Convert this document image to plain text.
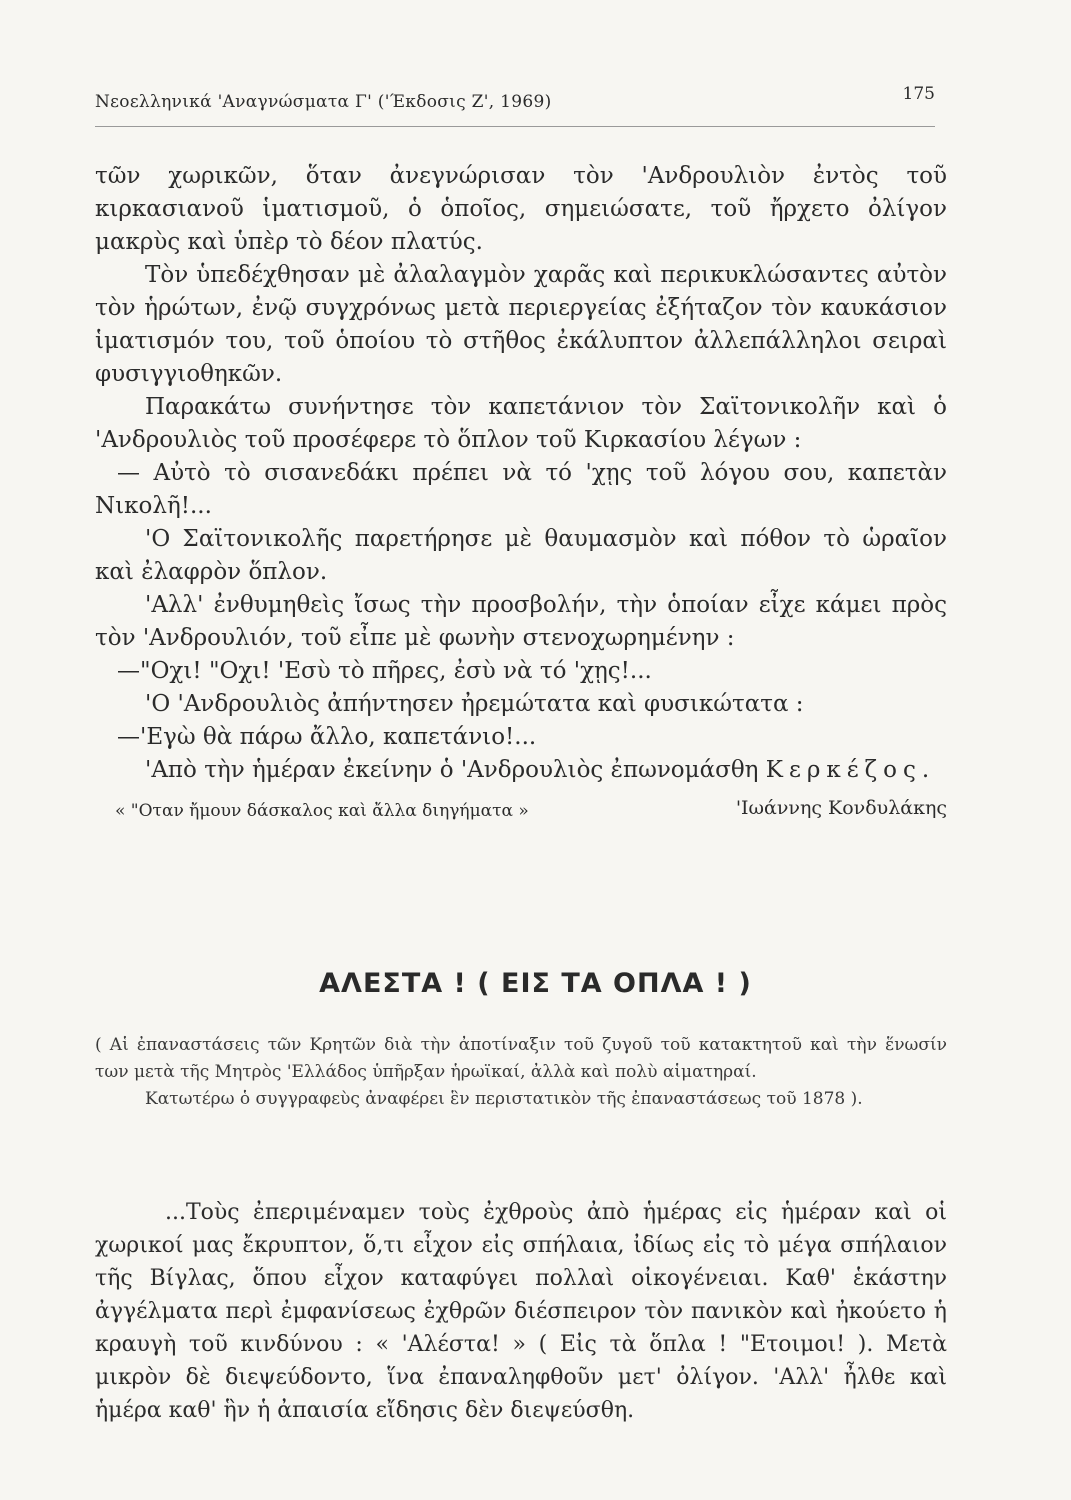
Νεοελληνικά 'Αναγνώσματα Γ' ('Έκδοσις Ζ', 1969)	175

τῶν χωρικῶν, ὅταν ἀνεγνώρισαν τὸν 'Ανδρουλιὸν ἐντὸς τοῦ κιρκασιανοῦ ἱματισμοῦ, ὁ ὁποῖος, σημειώσατε, τοῦ ἤρχετο ὀλίγον μακρὺς καὶ ὑπὲρ τὸ δέον πλατύς.

Τὸν ὑπεδέχθησαν μὲ ἀλαλαγμὸν χαρᾶς καὶ περικυκλώσαντες αὐτὸν τὸν ἡρώτων, ἐνῷ συγχρόνως μετὰ περιεργείας ἐξήταζον τὸν καυκάσιον ἱματισμόν του, τοῦ ὁποίου τὸ στῆθος ἐκάλυπτον ἀλλεπάλληλοι σειραὶ φυσιγγιοθηκῶν.

Παρακάτω συνήντησε τὸν καπετάνιον τὸν Σαϊτονικολῆν καὶ ὁ 'Ανδρουλιὸς τοῦ προσέφερε τὸ ὅπλον τοῦ Κιρκασίου λέγων :

— Αὐτὸ τὸ σισανεδάκι πρέπει νὰ τό 'χῃς τοῦ λόγου σου, καπετὰν Νικολῆ!...

'Ο Σαϊτονικολῆς παρετήρησε μὲ θαυμασμὸν καὶ πόθον τὸ ὡραῖον καὶ ἐλαφρὸν ὅπλον.

'Αλλ' ἐνθυμηθεὶς ἴσως τὴν προσβολήν, τὴν ὁποίαν εἶχε κάμει πρὸς τὸν 'Ανδρουλιόν, τοῦ εἶπε μὲ φωνὴν στενοχωρημένην :

—"Οχι! "Οχι! 'Εσὺ τὸ πῆρες, ἐσὺ νὰ τό 'χῃς!...

'Ο 'Ανδρουλιὸς ἀπήντησεν ἠρεμώτατα καὶ φυσικώτατα :

—'Εγὼ θὰ πάρω ἄλλο, καπετάνιο!...

'Απὸ τὴν ἡμέραν ἐκείνην ὁ 'Ανδρουλιὸς ἐπωνομάσθη Κερκέζος.

« "Οταν ἤμουν δάσκαλος καὶ ἄλλα διηγήματα »	'Ιωάννης Κονδυλάκης
ΑΛΕΣΤΑ ! ( ΕΙΣ ΤΑ ΟΠΛΑ ! )

( Αἱ ἐπαναστάσεις τῶν Κρητῶν διὰ τὴν ἀποτίναξιν τοῦ ζυγοῦ τοῦ κατακτητοῦ καὶ τὴν ἕνωσίν των μετὰ τῆς Μητρὸς 'Ελλάδος ὑπῆρξαν ἡρωϊκαί, ἀλλὰ καὶ πολὺ αἱματηραί.

Κατωτέρω ὁ συγγραφεὺς ἀναφέρει ἓν περιστατικὸν τῆς ἐπαναστάσεως τοῦ 1878 ).

...Τοὺς ἐπεριμέναμεν τοὺς ἐχθροὺς ἀπὸ ἡμέρας εἰς ἡμέραν καὶ οἱ χωρικοί μας ἔκρυπτον, ὅ,τι εἶχον εἰς σπήλαια, ἰδίως εἰς τὸ μέγα σπήλαιον τῆς Βίγλας, ὅπου εἶχον καταφύγει πολλαὶ οἰκογένειαι. Καθ' ἑκάστην ἀγγέλματα περὶ ἐμφανίσεως ἐχθρῶν διέσπειρον τὸν πανικὸν καὶ ἠκούετο ἡ κραυγὴ τοῦ κινδύνου : « 'Αλέστα! » ( Εἰς τὰ ὅπλα ! "Ετοιμοι! ). Μετὰ μικρὸν δὲ διεψεύδοντο, ἵνα ἐπαναληφθοῦν μετ' ὀλίγον. 'Αλλ' ἦλθε καὶ ἡμέρα καθ' ἣν ἡ ἀπαισία εἴδησις δὲν διεψεύσθη.
